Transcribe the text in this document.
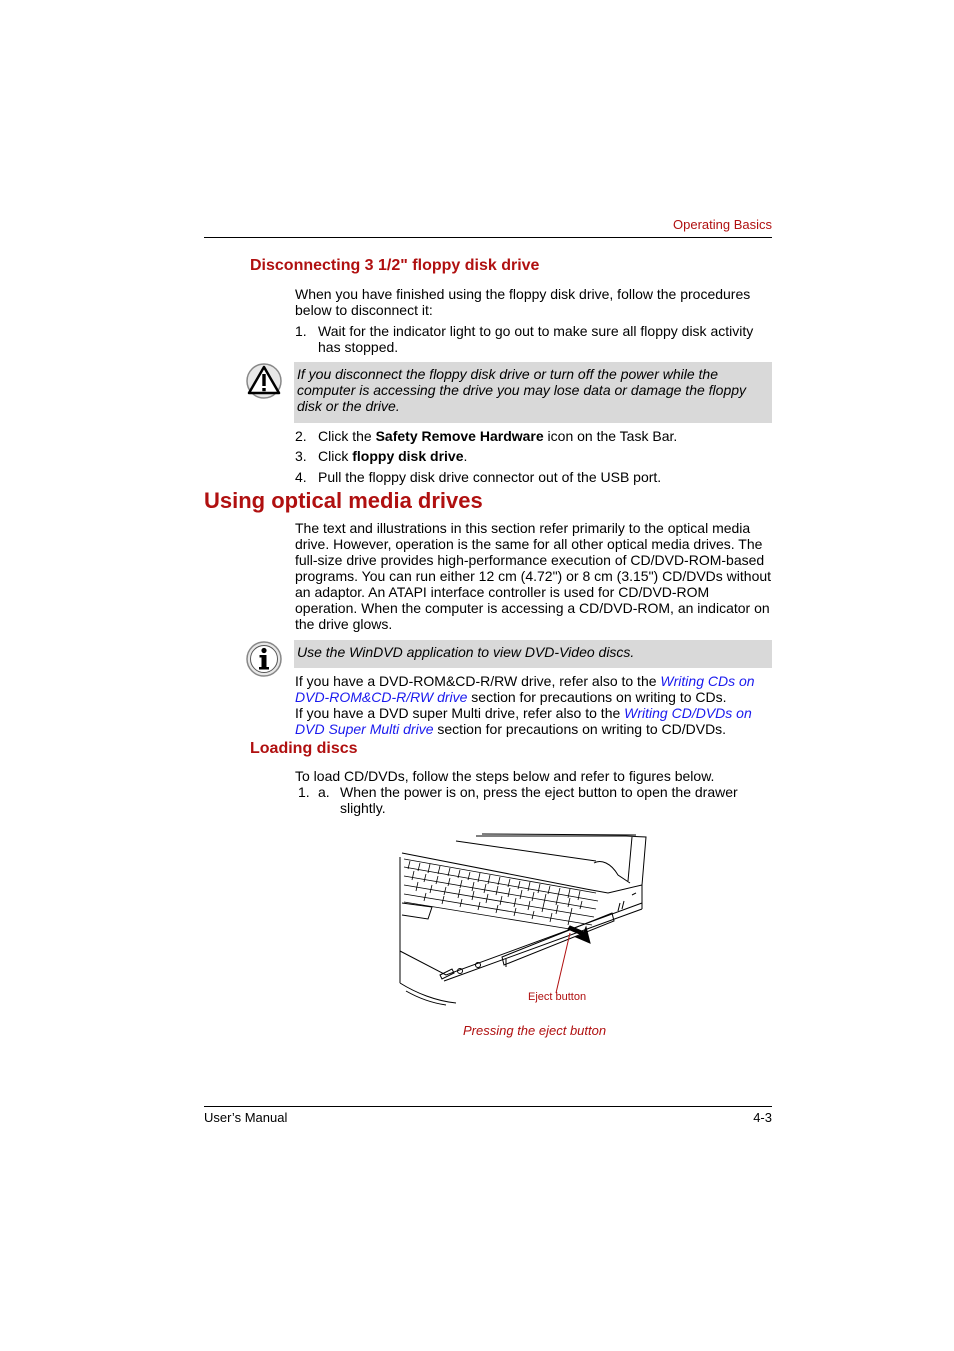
Operating Basics
Disconnecting 3 1/2" floppy disk drive
When you have finished using the floppy disk drive, follow the procedures below to disconnect it:
1. Wait for the indicator light to go out to make sure all floppy disk activity has stopped.
If you disconnect the floppy disk drive or turn off the power while the computer is accessing the drive you may lose data or damage the floppy disk or the drive.
2. Click the Safety Remove Hardware icon on the Task Bar.
3. Click floppy disk drive.
4. Pull the floppy disk drive connector out of the USB port.
Using optical media drives
The text and illustrations in this section refer primarily to the optical media drive. However, operation is the same for all other optical media drives. The full-size drive provides high-performance execution of CD/DVD-ROM-based programs. You can run either 12 cm (4.72") or 8 cm (3.15") CD/DVDs without an adaptor. An ATAPI interface controller is used for CD/DVD-ROM operation. When the computer is accessing a CD/DVD-ROM, an indicator on the drive glows.
Use the WinDVD application to view DVD-Video discs.
If you have a DVD-ROM&CD-R/RW drive, refer also to the Writing CDs on DVD-ROM&CD-R/RW drive section for precautions on writing to CDs.
If you have a DVD super Multi drive, refer also to the Writing CD/DVDs on DVD Super Multi drive section for precautions on writing to CD/DVDs.
Loading discs
To load CD/DVDs, follow the steps below and refer to figures below.
1. a. When the power is on, press the eject button to open the drawer slightly.
Eject button
Pressing the eject button
User’s Manual	4-3
